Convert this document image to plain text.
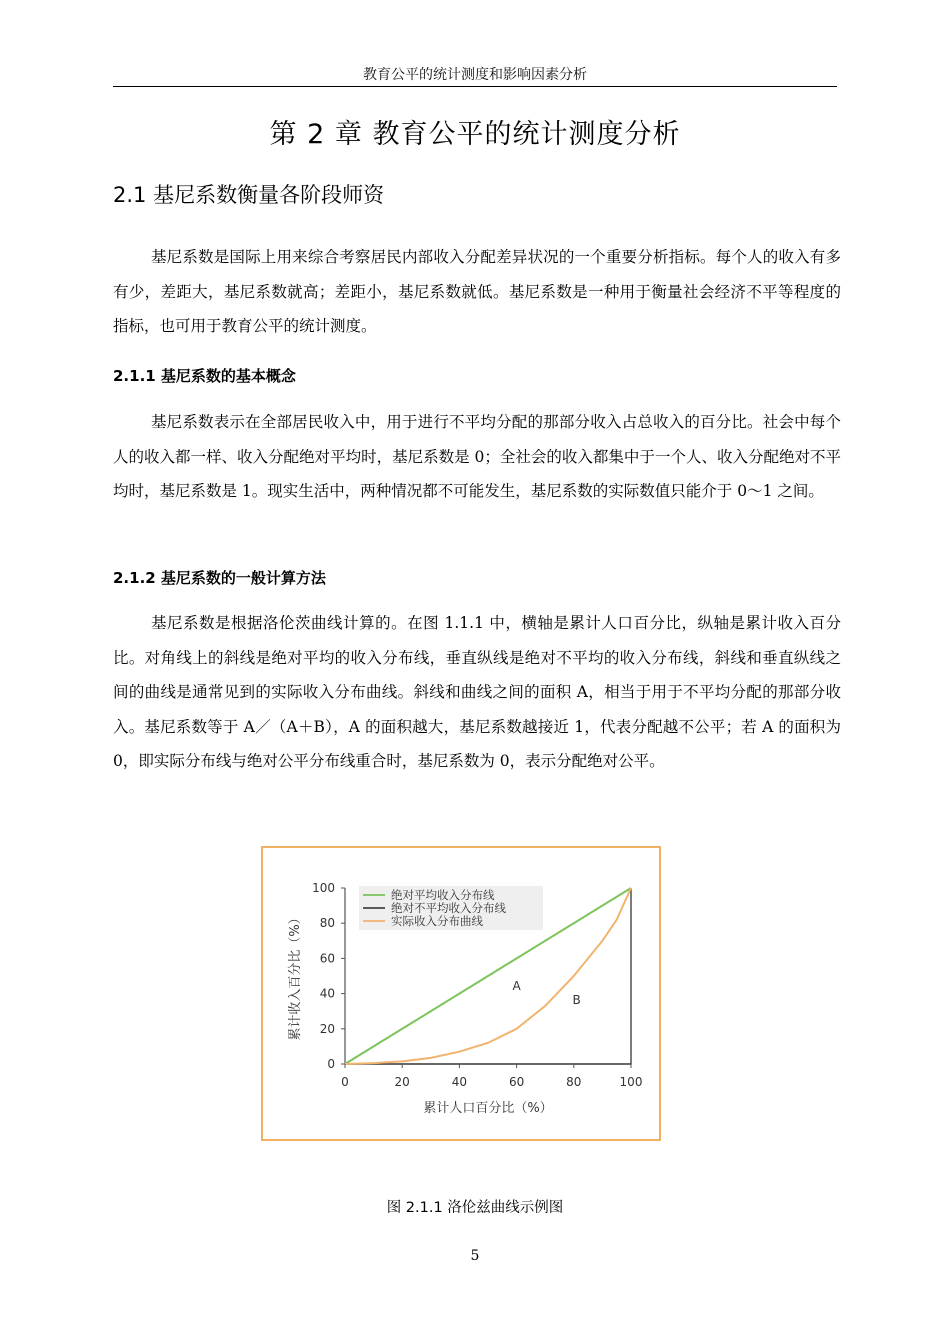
教育公平的统计测度和影响因素分析
第 2 章 教育公平的统计测度分析
2.1 基尼系数衡量各阶段师资

基尼系数是国际上用来综合考察居民内部收入分配差异状况的一个重要分析指标。每个人的收入有多有少，差距大，基尼系数就高；差距小，基尼系数就低。基尼系数是一种用于衡量社会经济不平等程度的指标，也可用于教育公平的统计测度。

2.1.1 基尼系数的基本概念

基尼系数表示在全部居民收入中，用于进行不平均分配的那部分收入占总收入的百分比。社会中每个人的收入都一样、收入分配绝对平均时，基尼系数是 0；全社会的收入都集中于一个人、收入分配绝对不平均时，基尼系数是 1。现实生活中，两种情况都不可能发生，基尼系数的实际数值只能介于 0～1 之间。

2.1.2 基尼系数的一般计算方法

基尼系数是根据洛伦茨曲线计算的。在图 1.1.1 中，横轴是累计人口百分比，纵轴是累计收入百分比。对角线上的斜线是绝对平均的收入分布线，垂直纵线是绝对不平均的收入分布线，斜线和垂直纵线之间的曲线是通常见到的实际收入分布曲线。斜线和曲线之间的面积 A，相当于用于不平均分配的那部分收入。基尼系数等于 A／（A＋B），A 的面积越大，基尼系数越接近 1，代表分配越不公平；若 A 的面积为 0，即实际分布线与绝对公平分布线重合时，基尼系数为 0，表示分配绝对公平。

0	20	40	60	80	100
0
20
40
60
80
100	绝对平均收入分布线
绝对不平均收入分布线
实际收入分布曲线
累计人口百分比（%）
累计收入百分比（%）	A
B
图 2.1.1 洛伦兹曲线示例图
5
